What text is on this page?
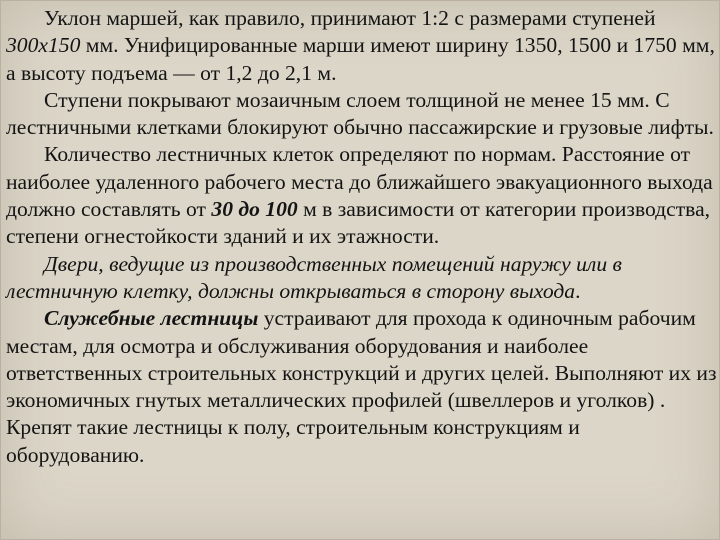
Уклон маршей, как правило, принимают 1:2 с размерами ступеней 300х150 мм. Унифицированные марши имеют ширину 1350, 1500 и 1750 мм, а высоту подъема — от 1,2 до 2,1 м.

Ступени покрывают мозаичным слоем толщиной не менее 15 мм. С лестничными клетками блокируют обычно пассажирские и грузовые лифты.

Количество лестничных клеток определяют по нормам. Расстояние от наиболее удаленного рабочего места до ближайшего эвакуационного выхода должно составлять от 30 до 100 м в зависимости от категории производства, степени огнестойкости зданий и их этажности.

Двери, ведущие из производственных помещений наружу или в лестничную клетку, должны открываться в сторону выхода.

Служебные лестницы устраивают для прохода к одиночным рабочим местам, для осмотра и обслуживания оборудования и наиболее ответственных строительных конструкций и других целей. Выполняют их из экономичных гнутых металлических профилей (швеллеров и уголков) . Крепят такие лестницы к полу, строительным конструкциям и оборудованию.
